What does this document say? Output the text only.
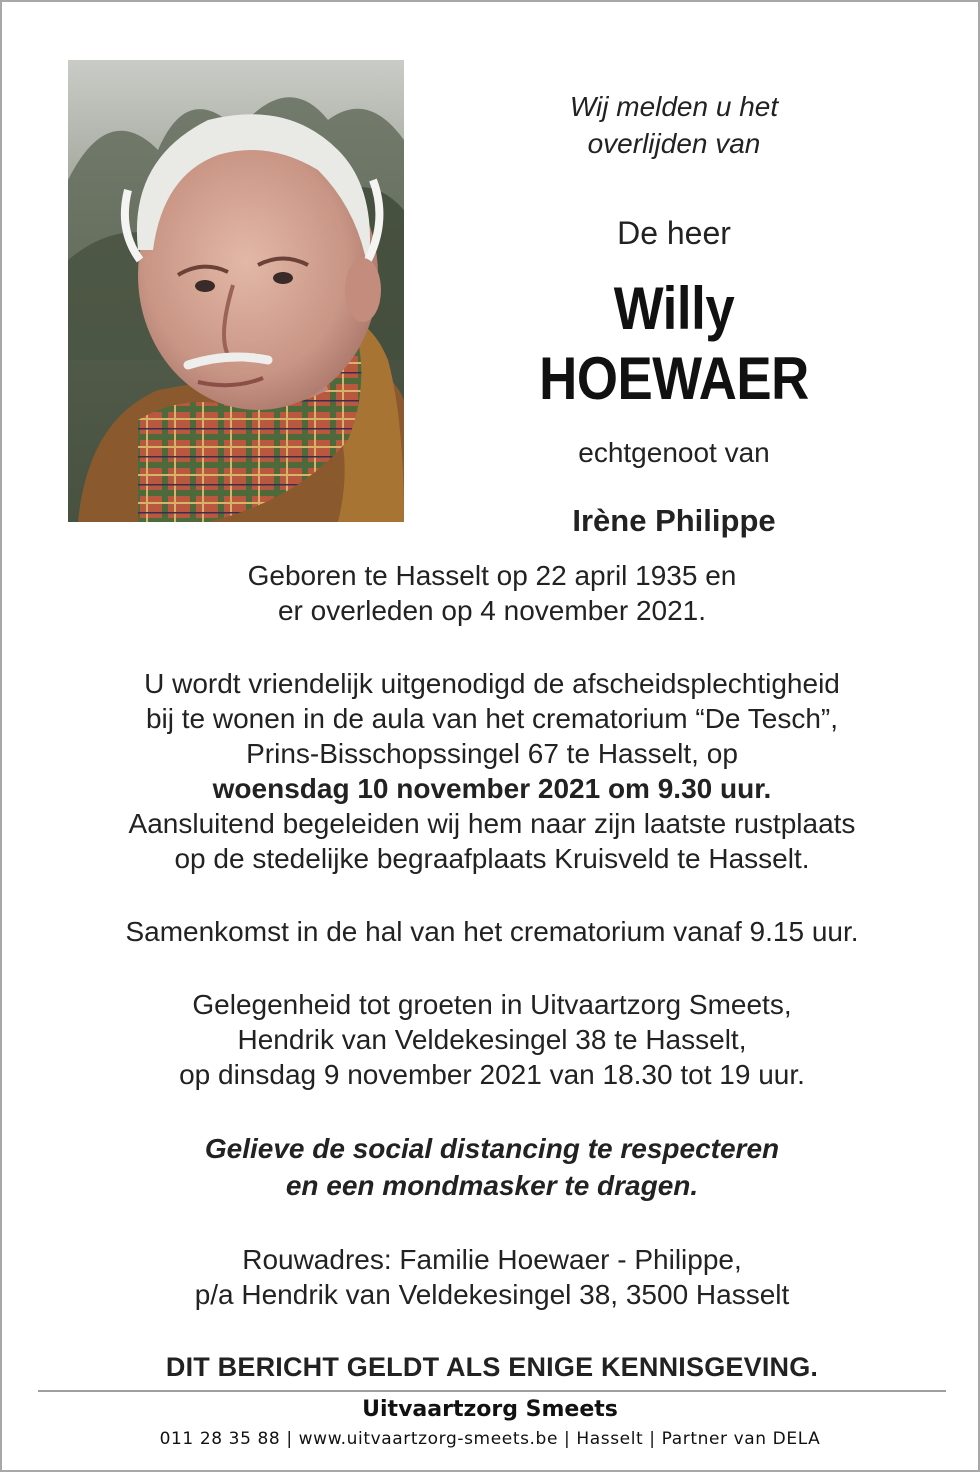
Wij melden u het
overlijden van
De heer
Willy HOEWAER
echtgenoot van
Irène Philippe
Geboren te Hasselt op 22 april 1935 en
er overleden op 4 november 2021.
U wordt vriendelijk uitgenodigd de afscheidsplechtigheid
bij te wonen in de aula van het crematorium “De Tesch”,
Prins-Bisschopssingel 67 te Hasselt, op
woensdag 10 november 2021 om 9.30 uur.
Aansluitend begeleiden wij hem naar zijn laatste rustplaats
op de stedelijke begraafplaats Kruisveld te Hasselt.
Samenkomst in de hal van het crematorium vanaf 9.15 uur.
Gelegenheid tot groeten in Uitvaartzorg Smeets,
Hendrik van Veldekesingel 38 te Hasselt,
op dinsdag 9 november 2021 van 18.30 tot 19 uur.
Gelieve de social distancing te respecteren
en een mondmasker te dragen.
Rouwadres: Familie Hoewaer - Philippe,
p/a Hendrik van Veldekesingel 38, 3500 Hasselt
DIT BERICHT GELDT ALS ENIGE KENNISGEVING.
Uitvaartzorg Smeets
011 28 35 88 | www.uitvaartzorg-smeets.be | Hasselt | Partner van DELA
